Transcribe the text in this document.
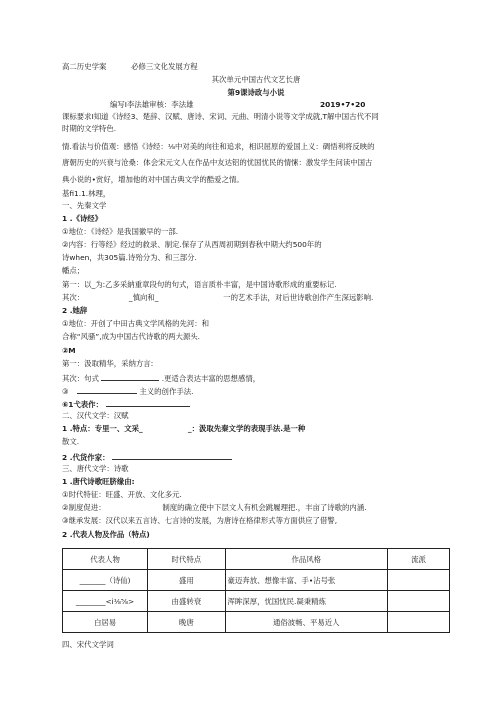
高二历史学案	必修三文化发展方程
其次单元中国古代文艺长唐
第9课诗政与小说
编写I李法雄审核：李法雄	2019•7•20
课标要求I知道《诗经3、楚辞、汉赋、唐诗、宋词、元曲、明清小说等文学成就,T解中国古代不同
时期的文学特色.
情.看法与价值观：感悟《诗经：⅛中对美的向往和追求，相识屈原的爱国上义：碉悟利将反映的
唐朝历史的兴衰与沧桑：体会宋元文人在作品中友达铝的忧国忧民的情愫：激发学生问读中国古
典小说的•赏好，增加他的对中国古典文学的酷爱之情。
基fi1.1.林理，
一、先秦文学
1 .《诗经》
①地位：《诗经》是我国徽早的一部.
②内容：行等经》经过的救录、制定.保存了从西周初期到春秋中期大约500年的
诗when，共305篇.诗殆分为、和三部分.
幡点；
第一：以_为:乙多采納重章段句的句式，语言质朴丰富，是中国诗歌形成的重要标记.
其次：	_慎向和_	一的艺术手法，对后世诗歌创作产生深远影响.
2 .她辞
①地位：开创了中田古典文学风格的先河：和
合称“风骚”,成为中国古代诗歌的两大源头.
②M
第一：汲取精华，采纳方言:
其次：句式	.更适合表达丰富的思想感情，
③	主义的创作手法.
⑥1弋表作：
二、汉代文学：汉赋
1 .特点：专里一、文采_	_：汲取先秦文学的表现手法.是一种
散文.
2 .代货作家：
三、唐代文学：诗歌
1 .唐代诗歌旺脐缘由:
①时代特征：旺盛、开放、文化多元.
②制度促进：	制度的确立使中下层文人有机会跳履理把.，丰亩了诗歌的内涵.
③继承发展：汉代以来五言诗、七言诗的发展，为唐诗在格律形式等方面供应了借警,
2 .代表人物及作品（特点)
代表人物	时代特点	作品风格	流派
_______（诗仙)	盛用	豪迈奔放、想像丰富、手•沾号张	
________<i⅛⅝>	由盛转衰	浑眸深厚，忧国忧民.凝秉精炼	
白居易	晚唐	通俗波畅、平易近人	
四、宋代文学词
